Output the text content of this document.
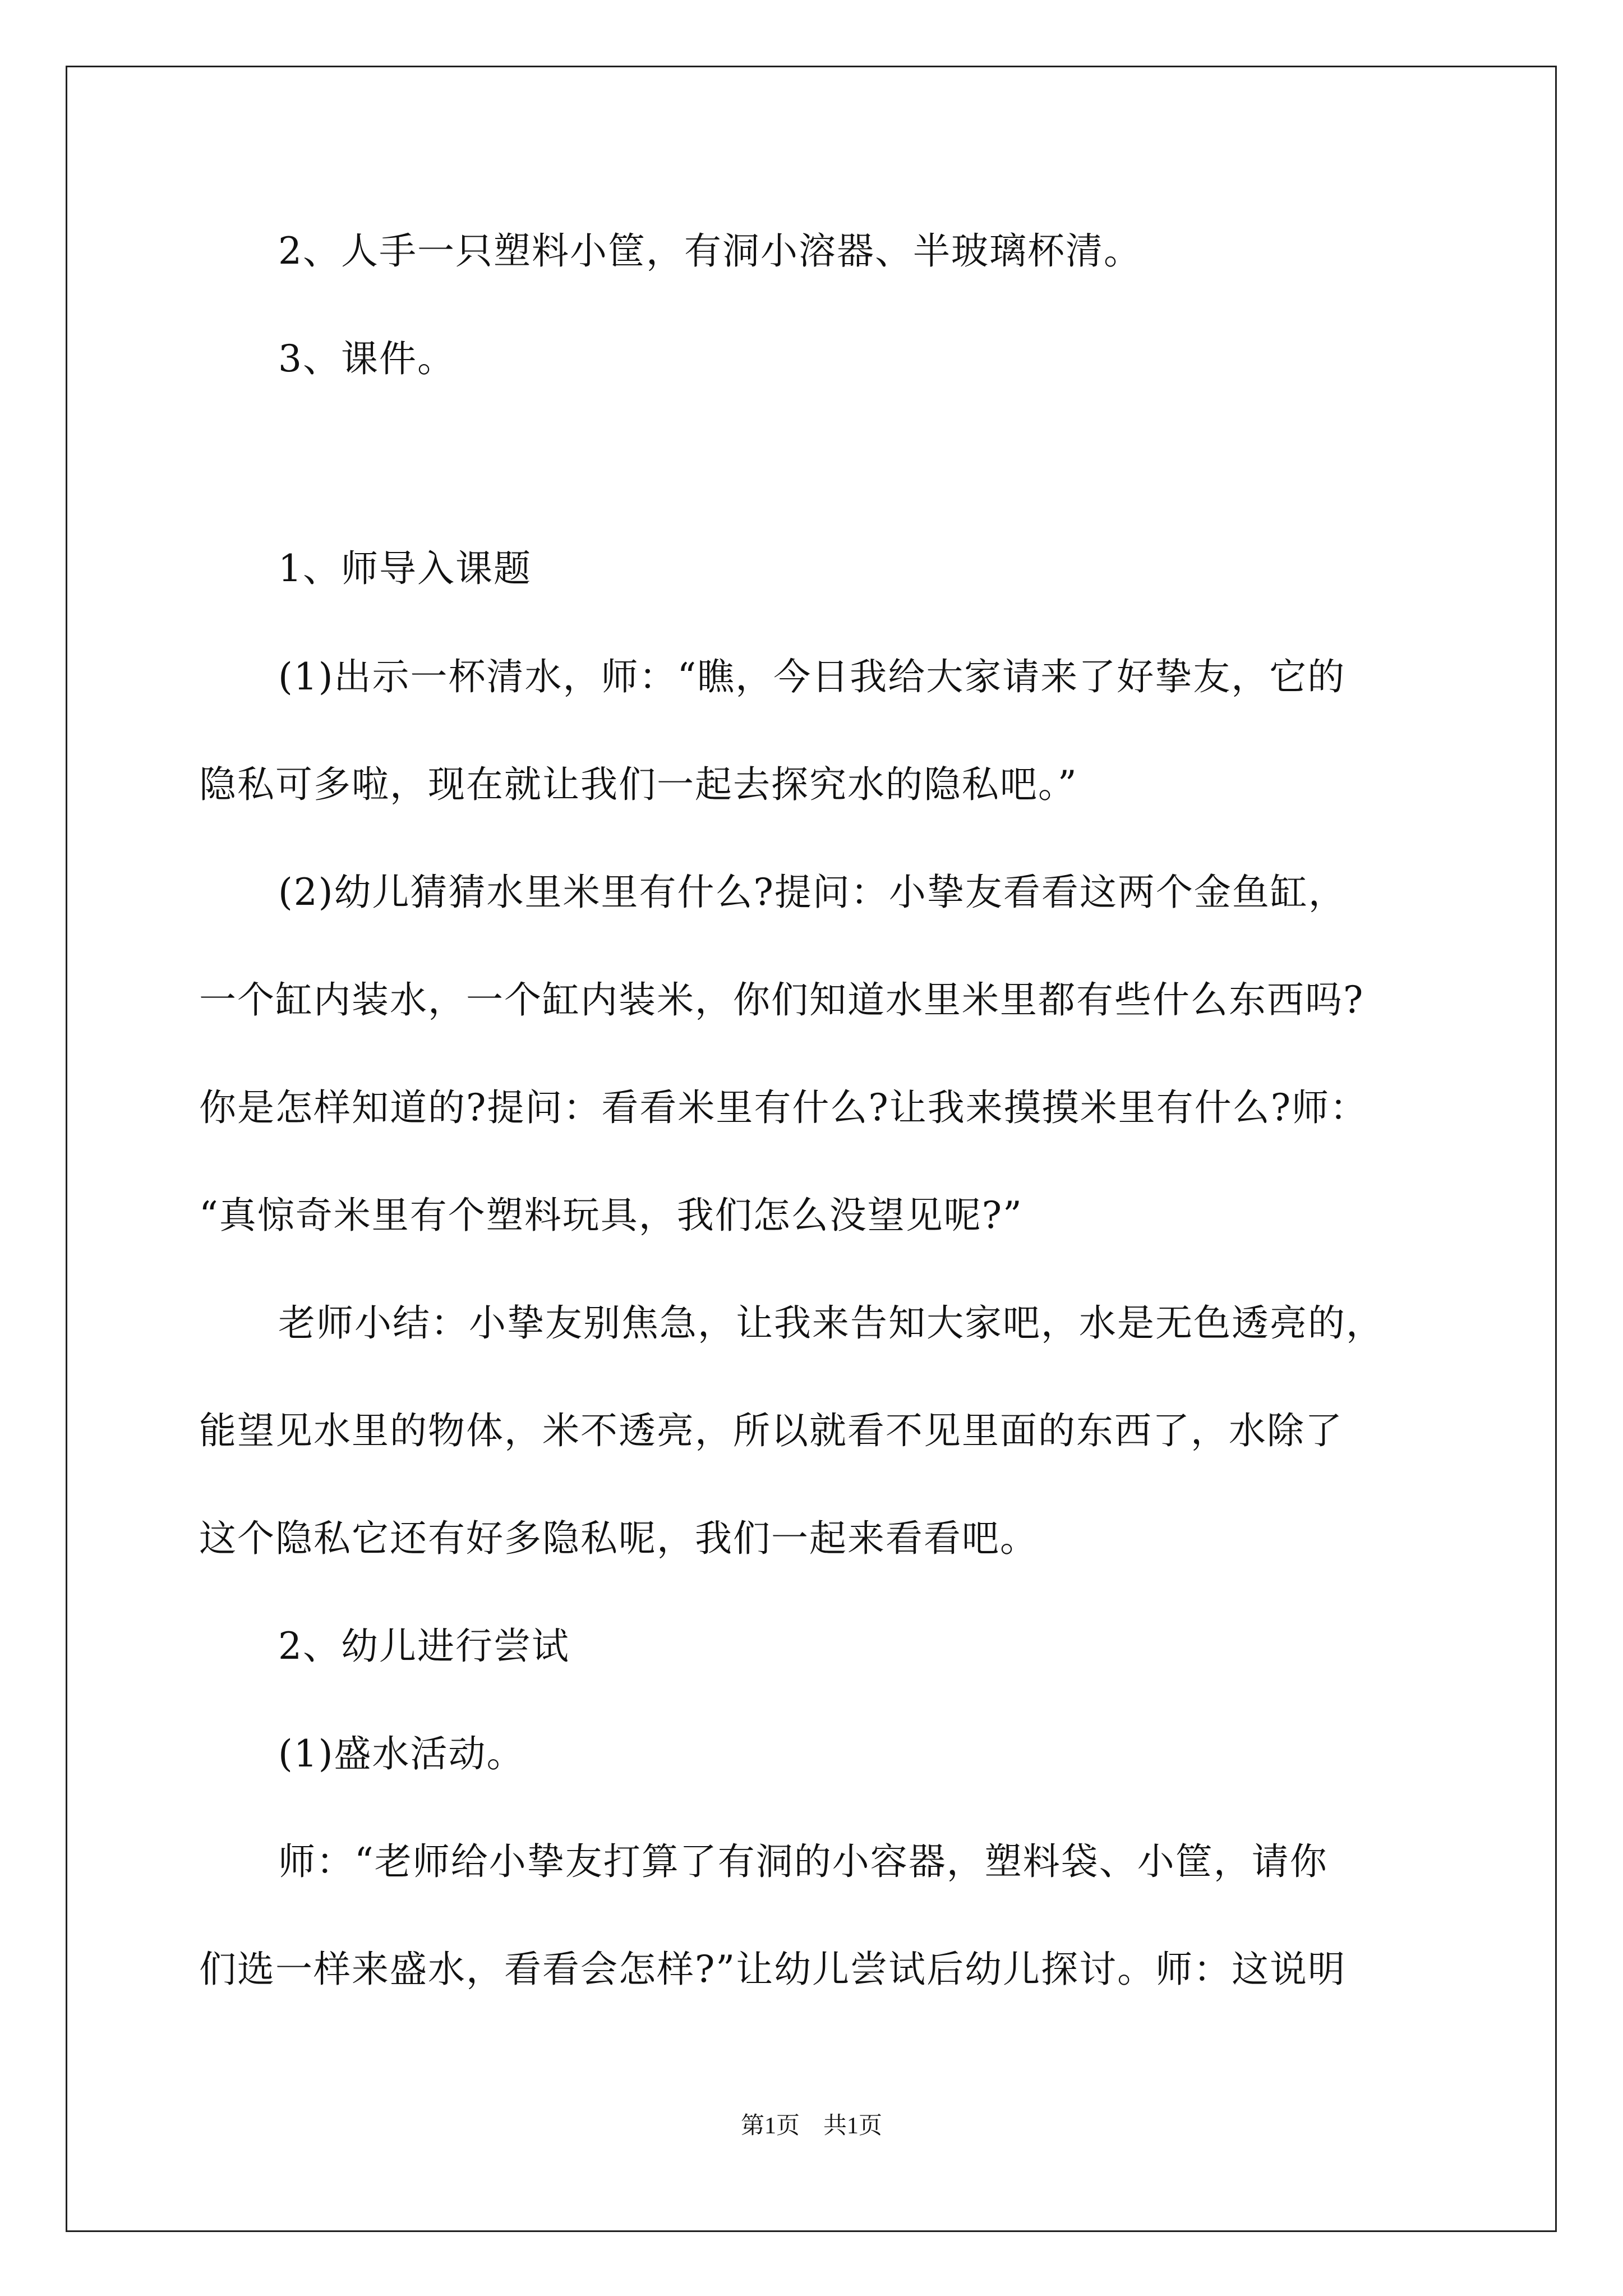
2、人手一只塑料小筐，有洞小溶器、半玻璃杯清。
3、课件。
1、师导入课题
(1)出示一杯清水，师：“瞧，今日我给大家请来了好挚友，它的
隐私可多啦，现在就让我们一起去探究水的隐私吧。”
(2)幼儿猜猜水里米里有什么?提问：小挚友看看这两个金鱼缸，
一个缸内装水，一个缸内装米，你们知道水里米里都有些什么东西吗?
你是怎样知道的?提问：看看米里有什么?让我来摸摸米里有什么?师：
“真惊奇米里有个塑料玩具，我们怎么没望见呢?”
老师小结：小挚友别焦急，让我来告知大家吧，水是无色透亮的，
能望见水里的物体，米不透亮，所以就看不见里面的东西了，水除了
这个隐私它还有好多隐私呢，我们一起来看看吧。
2、幼儿进行尝试
(1)盛水活动。
师：“老师给小挚友打算了有洞的小容器，塑料袋、小筐，请你
们选一样来盛水，看看会怎样?”让幼儿尝试后幼儿探讨。师：这说明
第1页　共1页
